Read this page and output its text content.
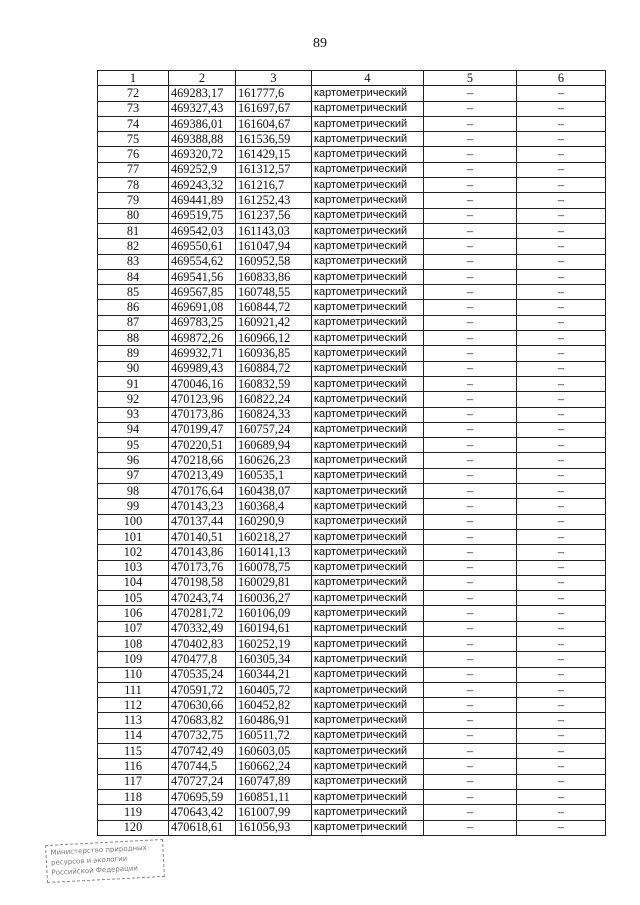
89
1	2	3	4	5	6
72	469283,17	161777,6	картометрический	–	–
73	469327,43	161697,67	картометрический	–	–
74	469386,01	161604,67	картометрический	–	–
75	469388,88	161536,59	картометрический	–	–
76	469320,72	161429,15	картометрический	–	–
77	469252,9	161312,57	картометрический	–	–
78	469243,32	161216,7	картометрический	–	–
79	469441,89	161252,43	картометрический	–	–
80	469519,75	161237,56	картометрический	–	–
81	469542,03	161143,03	картометрический	–	–
82	469550,61	161047,94	картометрический	–	–
83	469554,62	160952,58	картометрический	–	–
84	469541,56	160833,86	картометрический	–	–
85	469567,85	160748,55	картометрический	–	–
86	469691,08	160844,72	картометрический	–	–
87	469783,25	160921,42	картометрический	–	–
88	469872,26	160966,12	картометрический	–	–
89	469932,71	160936,85	картометрический	–	–
90	469989,43	160884,72	картометрический	–	–
91	470046,16	160832,59	картометрический	–	–
92	470123,96	160822,24	картометрический	–	–
93	470173,86	160824,33	картометрический	–	–
94	470199,47	160757,24	картометрический	–	–
95	470220,51	160689,94	картометрический	–	–
96	470218,66	160626,23	картометрический	–	–
97	470213,49	160535,1	картометрический	–	–
98	470176,64	160438,07	картометрический	–	–
99	470143,23	160368,4	картометрический	–	–
100	470137,44	160290,9	картометрический	–	–
101	470140,51	160218,27	картометрический	–	–
102	470143,86	160141,13	картометрический	–	–
103	470173,76	160078,75	картометрический	–	–
104	470198,58	160029,81	картометрический	–	–
105	470243,74	160036,27	картометрический	–	–
106	470281,72	160106,09	картометрический	–	–
107	470332,49	160194,61	картометрический	–	–
108	470402,83	160252,19	картометрический	–	–
109	470477,8	160305,34	картометрический	–	–
110	470535,24	160344,21	картометрический	–	–
111	470591,72	160405,72	картометрический	–	–
112	470630,66	160452,82	картометрический	–	–
113	470683,82	160486,91	картометрический	–	–
114	470732,75	160511,72	картометрический	–	–
115	470742,49	160603,05	картометрический	–	–
116	470744,5	160662,24	картометрический	–	–
117	470727,24	160747,89	картометрический	–	–
118	470695,59	160851,11	картометрический	–	–
119	470643,42	161007,99	картометрический	–	–
120	470618,61	161056,93	картометрический	–	–
Министерство природных
ресурсов и экологии
Российской Федерации
